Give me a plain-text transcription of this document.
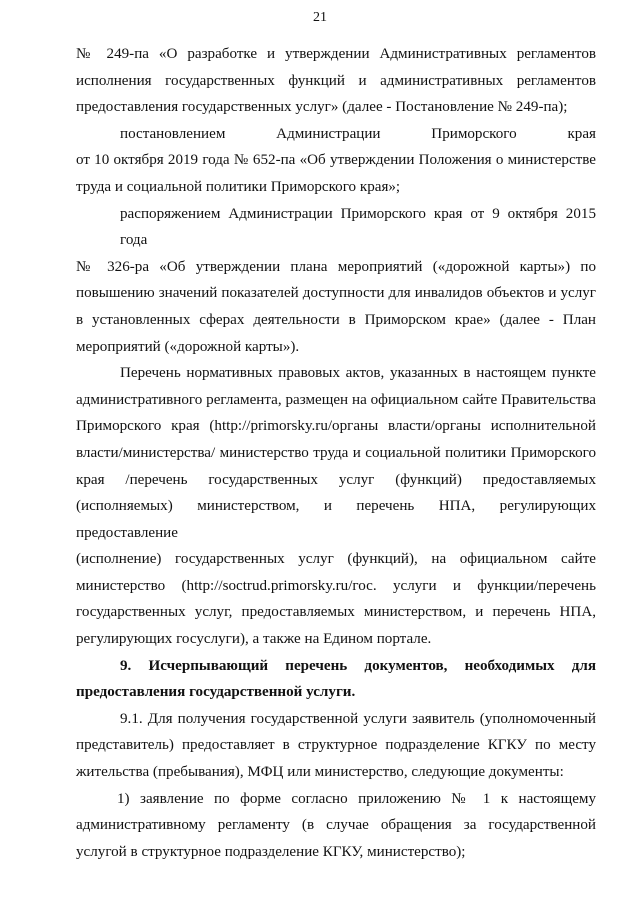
21

№ 249-па «О разработке и утверждении Административных регламентов

исполнения государственных функций и административных регламентов

предоставления государственных услуг» (далее - Постановление № 249-па);

постановлением Администрации Приморского края

от 10 октября 2019 года № 652-па «Об утверждении Положения о министерстве

труда и социальной политики Приморского края»;

распоряжением Администрации Приморского края от 9 октября 2015 года

№ 326-ра «Об утверждении плана мероприятий («дорожной карты») по

повышению значений показателей доступности для инвалидов объектов и услуг

в установленных сферах деятельности в Приморском крае» (далее - План

мероприятий («дорожной карты»).

Перечень нормативных правовых актов, указанных в настоящем пункте

административного регламента, размещен на официальном сайте Правительства

Приморского края (http://primorsky.ru/органы власти/органы исполнительной

власти/министерства/ министерство труда и социальной политики Приморского

края /перечень государственных услуг (функций) предоставляемых

(исполняемых) министерством, и перечень НПА, регулирующих предоставление

(исполнение) государственных услуг (функций), на официальном сайте

министерство (http://soctrud.primorsky.ru/гос. услуги и функции/перечень

государственных услуг, предоставляемых министерством, и перечень НПА,

регулирующих госуслуги), а также на Едином портале.

9. Исчерпывающий перечень документов, необходимых для

предоставления государственной услуги.

9.1. Для получения государственной услуги заявитель (уполномоченный

представитель) предоставляет в структурное подразделение КГКУ по месту

жительства (пребывания), МФЦ или министерство, следующие документы:

1) заявление по форме согласно приложению № 1 к настоящему

административному регламенту (в случае обращения за государственной

услугой в структурное подразделение КГКУ, министерство);
